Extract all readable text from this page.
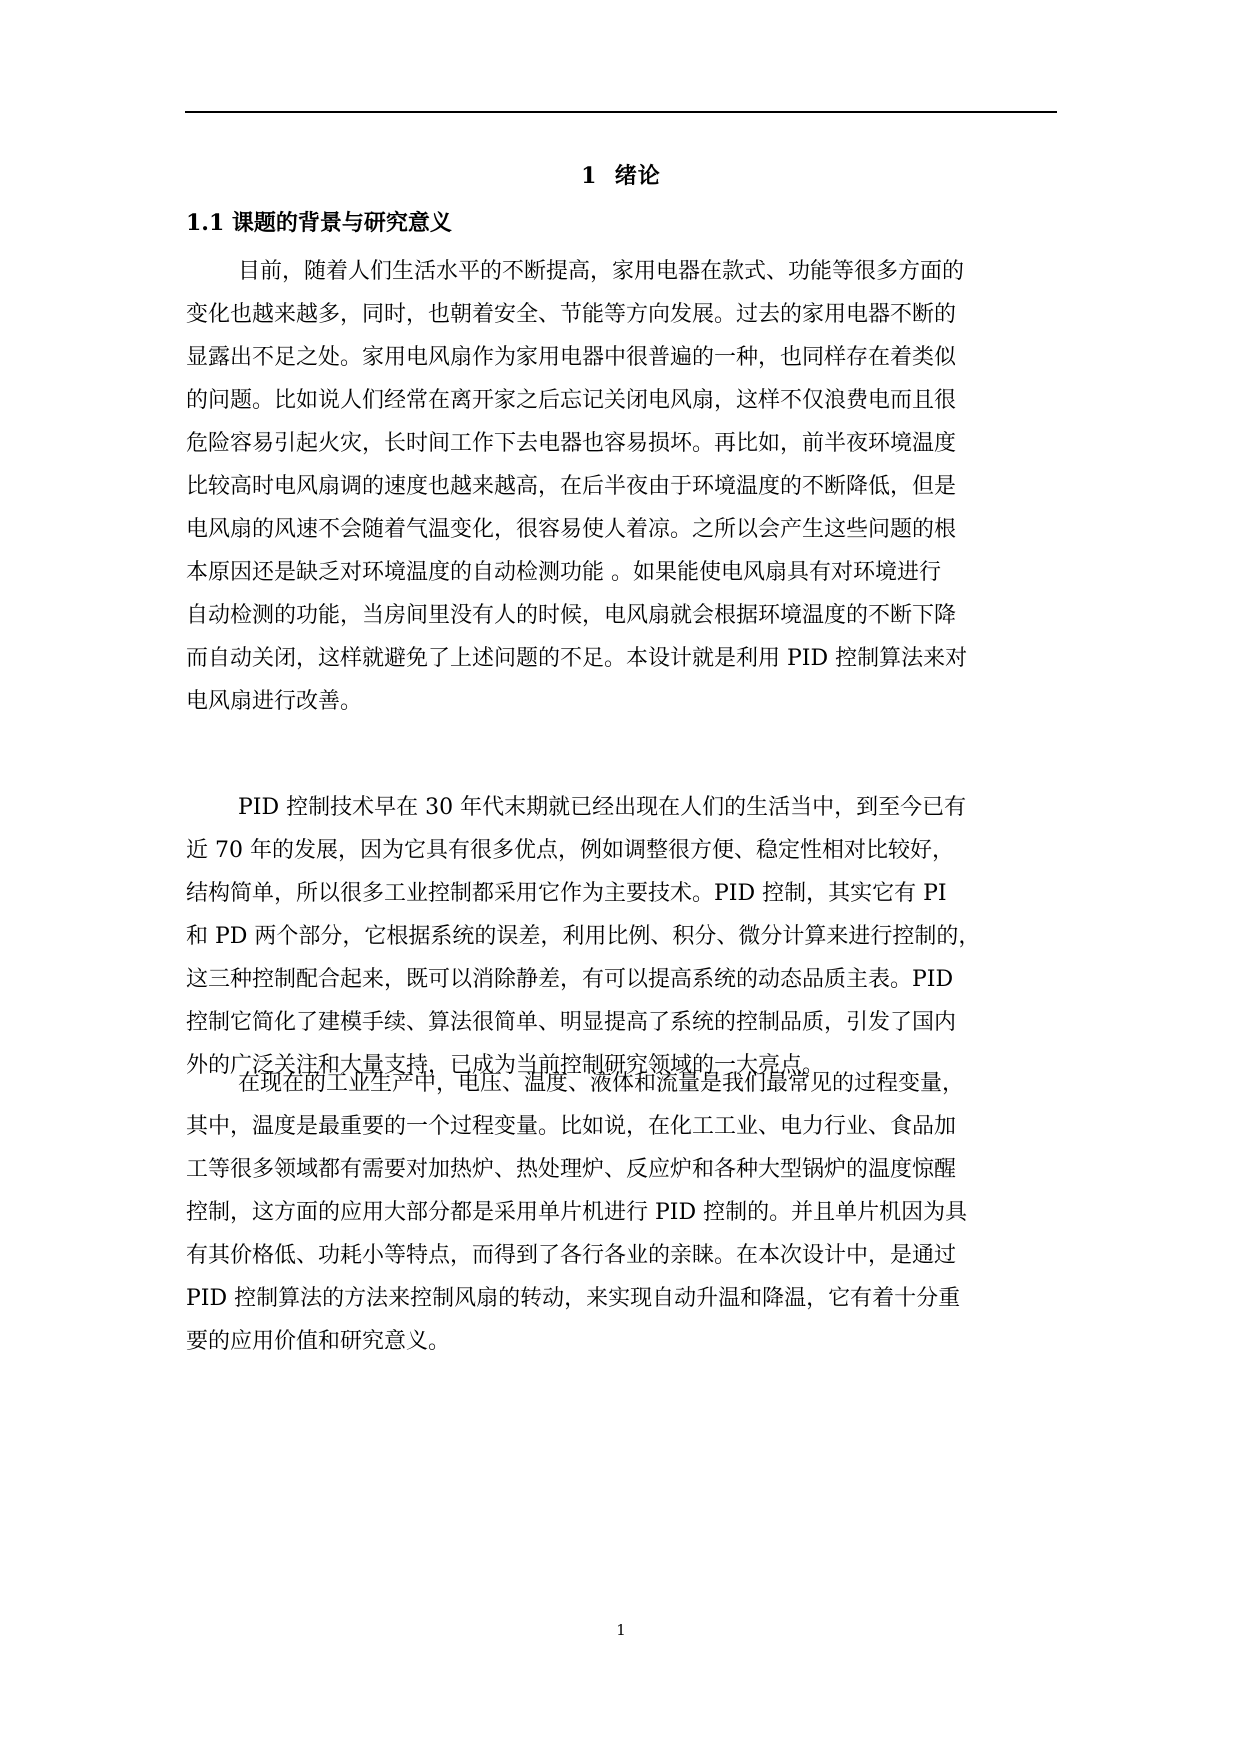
1  绪论
1.1 课题的背景与研究意义
目前，随着人们生活水平的不断提高，家用电器在款式、功能等很多方面的
变化也越来越多，同时，也朝着安全、节能等方向发展。过去的家用电器不断的
显露出不足之处。家用电风扇作为家用电器中很普遍的一种，也同样存在着类似
的问题。比如说人们经常在离开家之后忘记关闭电风扇，这样不仅浪费电而且很
危险容易引起火灾，长时间工作下去电器也容易损坏。再比如，前半夜环境温度
比较高时电风扇调的速度也越来越高，在后半夜由于环境温度的不断降低，但是
电风扇的风速不会随着气温变化，很容易使人着凉。之所以会产生这些问题的根
本原因还是缺乏对环境温度的自动检测功能 。如果能使电风扇具有对环境进行
自动检测的功能，当房间里没有人的时候，电风扇就会根据环境温度的不断下降
而自动关闭，这样就避免了上述问题的不足。本设计就是利用 PID 控制算法来对
电风扇进行改善。
PID 控制技术早在 30 年代末期就已经出现在人们的生活当中，到至今已有
近 70 年的发展，因为它具有很多优点，例如调整很方便、稳定性相对比较好，
结构简单，所以很多工业控制都采用它作为主要技术。PID 控制，其实它有 PI
和 PD 两个部分，它根据系统的误差，利用比例、积分、微分计算来进行控制的，
这三种控制配合起来，既可以消除静差，有可以提高系统的动态品质主表。PID
控制它简化了建模手续、算法很简单、明显提高了系统的控制品质，引发了国内
外的广泛关注和大量支持，已成为当前控制研究领域的一大亮点。
在现在的工业生产中，电压、温度、液体和流量是我们最常见的过程变量，
其中，温度是最重要的一个过程变量。比如说，在化工工业、电力行业、食品加
工等很多领域都有需要对加热炉、热处理炉、反应炉和各种大型锅炉的温度惊醒
控制，这方面的应用大部分都是采用单片机进行 PID 控制的。并且单片机因为具
有其价格低、功耗小等特点，而得到了各行各业的亲睐。在本次设计中，是通过
PID 控制算法的方法来控制风扇的转动，来实现自动升温和降温，它有着十分重
要的应用价值和研究意义。
1
